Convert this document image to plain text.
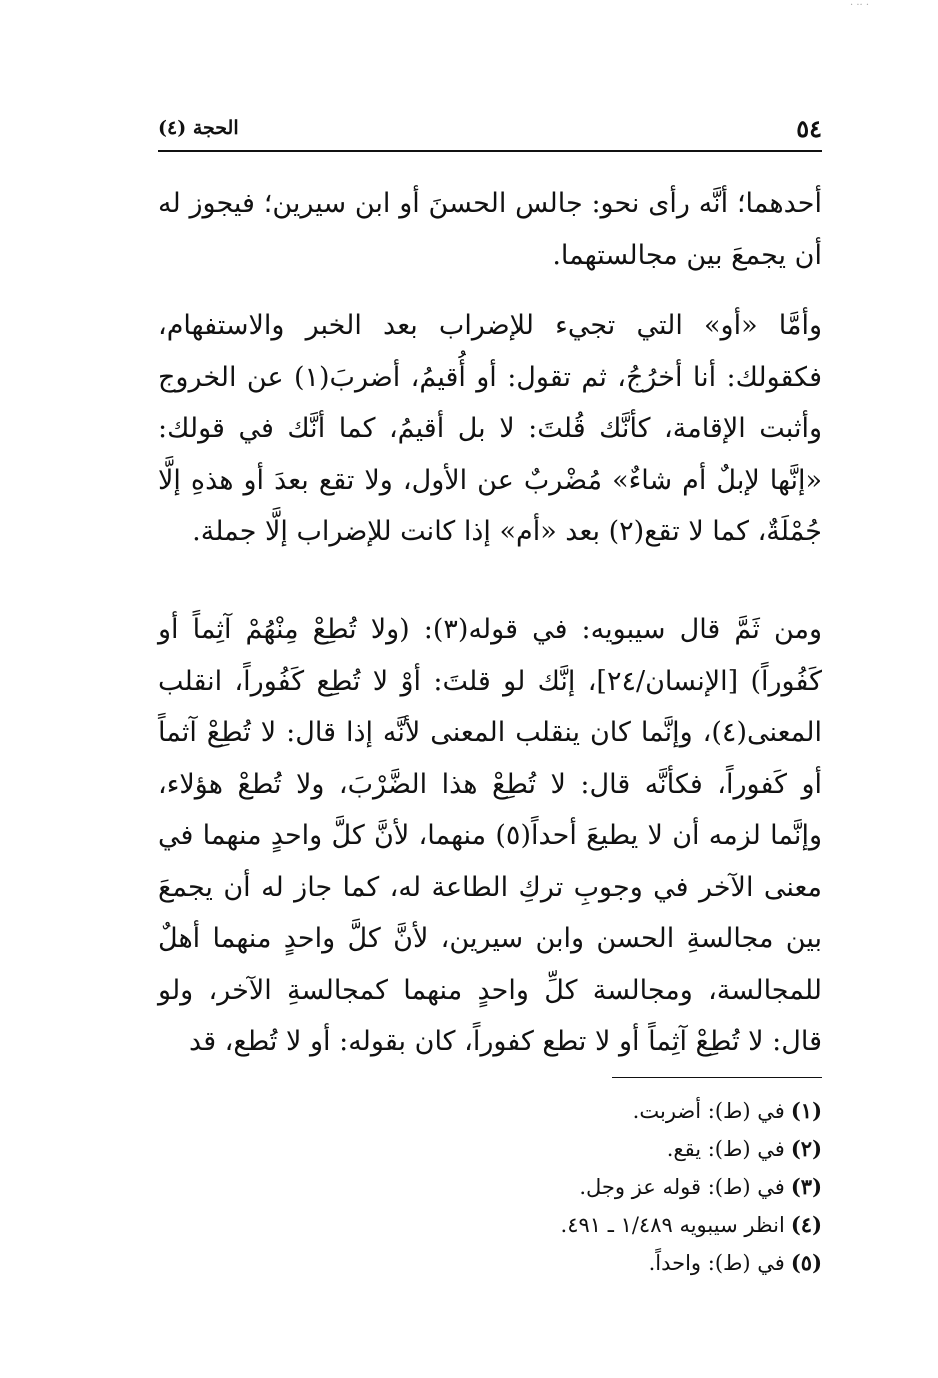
· ·· ·
٥٤
الحجة (٤)

أحدهما؛ أنَّه رأى نحو: جالس الحسنَ أو ابن سيرين؛ فيجوز له أن يجمعَ بين مجالستهما.

وأمَّا «أو» التي تجيء للإضراب بعد الخبر والاستفهام، فكقولك: أنا أخرُجُ، ثم تقول: أو أُقيمُ، أضربَ(١) عن الخروج وأثبت الإقامة، كأنَّك قُلتَ: لا بل أقيمُ، كما أنَّك في قولك: «إنَّها لإبلٌ أم شاءٌ» مُضْربٌ عن الأول، ولا تقع بعدَ أو هذهِ إلَّا جُمْلَةٌ، كما لا تقع(٢) بعد «أم» إذا كانت للإضراب إلَّا جملة.

ومن ثَمَّ قال سيبويه: في قوله(٣): (ولا تُطِعْ مِنْهُمْ آثِماً أو كَفُوراً) [الإنسان/٢٤]، إنَّك لو قلتَ: أوْ لا تُطِع كَفُوراً، انقلب المعنى(٤)، وإنَّما كان ينقلب المعنى لأنَّه إذا قال: لا تُطِعْ آثماً أو كَفوراً، فكأنَّه قال: لا تُطِعْ هذا الضَّرْبَ، ولا تُطعْ هؤلاء، وإنَّما لزمه أن لا يطيعَ أحداً(٥) منهما، لأنَّ كلَّ واحدٍ منهما في معنى الآخر في وجوبِ تركِ الطاعة له، كما جاز له أن يجمعَ بين مجالسةِ الحسن وابن سيرين، لأنَّ كلَّ واحدٍ منهما أهلٌ للمجالسة، ومجالسة كلِّ واحدٍ منهما كمجالسةِ الآخر، ولو قال: لا تُطِعْ آثِماً أو لا تطع كفوراً، كان بقوله: أو لا تُطع، قد

(١)في (ط): أضربت.
(٢)في (ط): يقع.
(٣)في (ط): قوله عز وجل.
(٤)انظر سيبويه ١/٤٨٩ ـ ٤٩١.
(٥)في (ط): واحداً.
